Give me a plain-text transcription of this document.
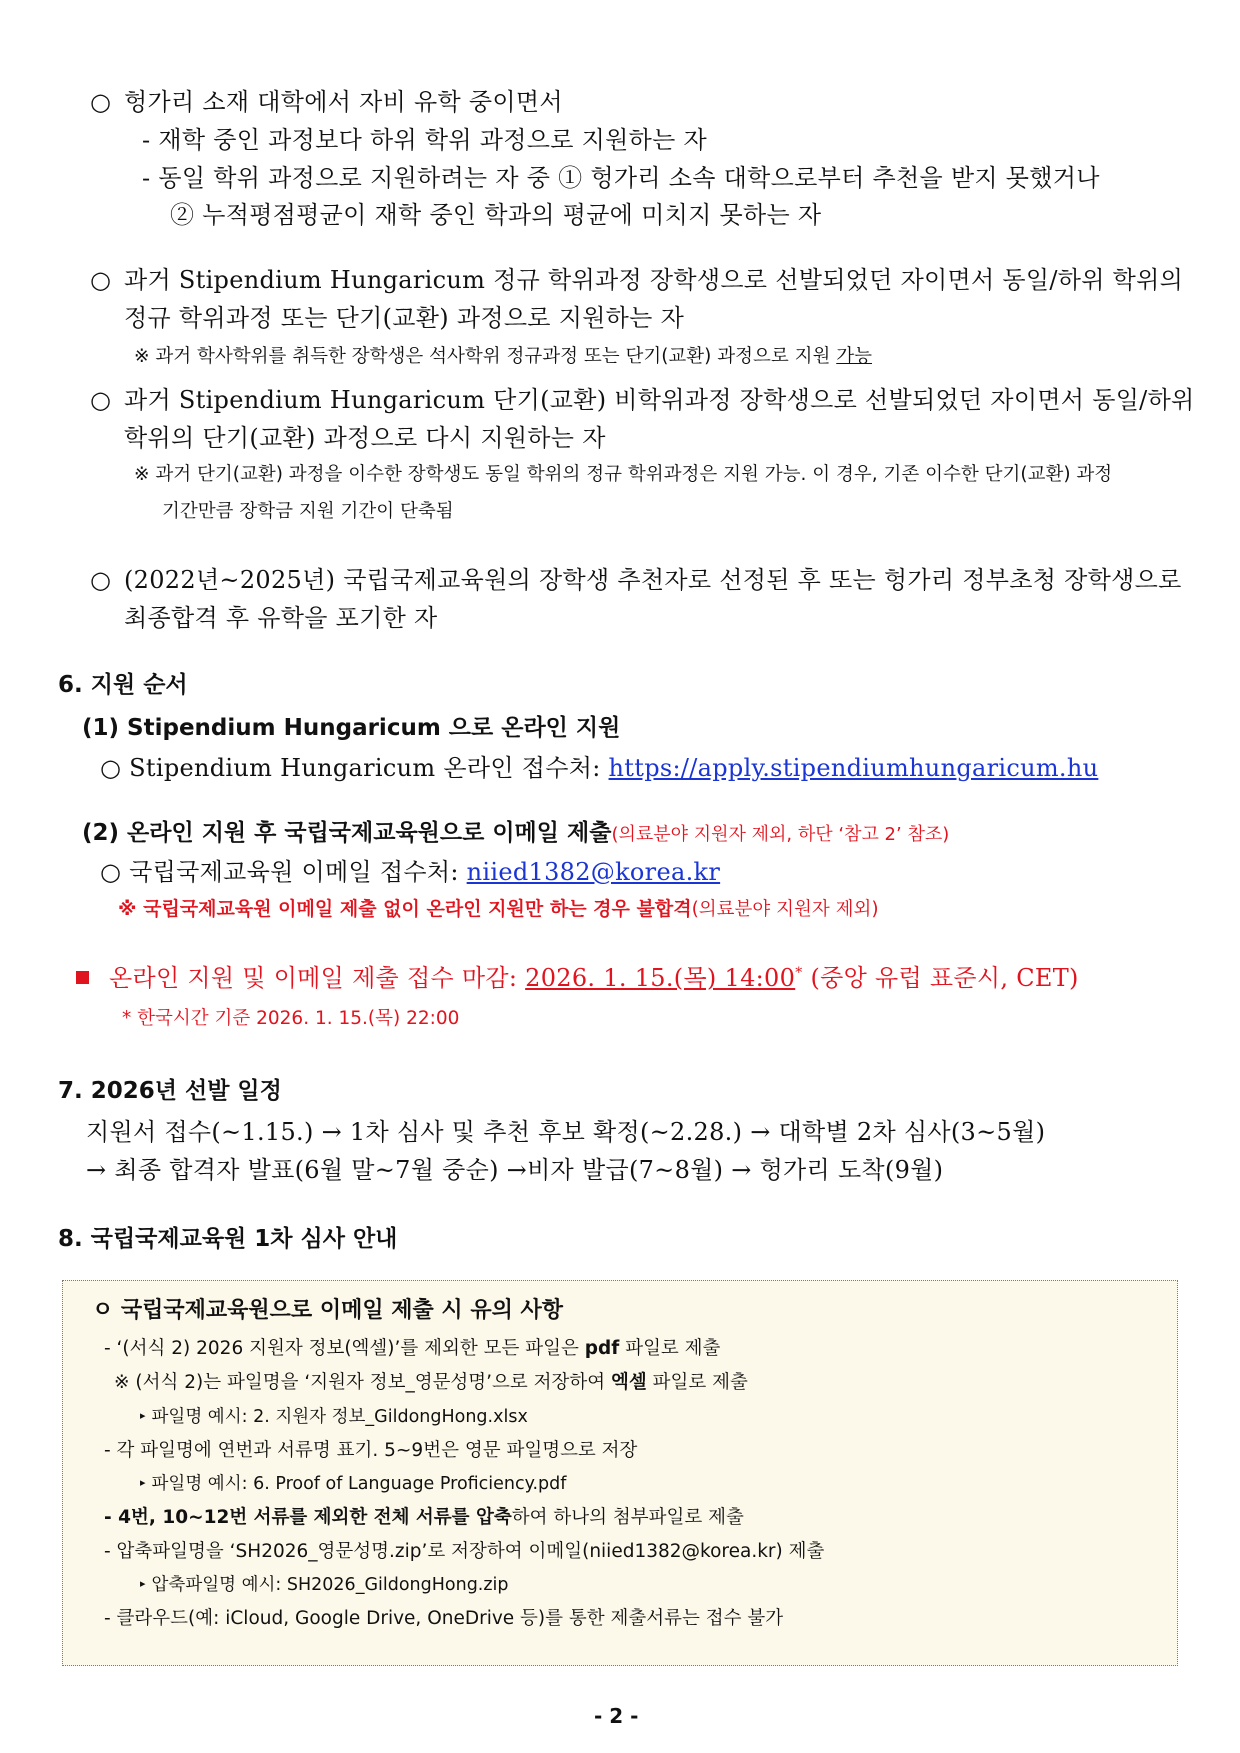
○ 헝가리 소재 대학에서 자비 유학 중이면서
- 재학 중인 과정보다 하위 학위 과정으로 지원하는 자
- 동일 학위 과정으로 지원하려는 자 중 ① 헝가리 소속 대학으로부터 추천을 받지 못했거나
② 누적평점평균이 재학 중인 학과의 평균에 미치지 못하는 자
○ 과거 Stipendium Hungaricum 정규 학위과정 장학생으로 선발되었던 자이면서 동일/하위 학위의
정규 학위과정 또는 단기(교환) 과정으로 지원하는 자
※ 과거 학사학위를 취득한 장학생은 석사학위 정규과정 또는 단기(교환) 과정으로 지원 가능
○ 과거 Stipendium Hungaricum 단기(교환) 비학위과정 장학생으로 선발되었던 자이면서 동일/하위
학위의 단기(교환) 과정으로 다시 지원하는 자
※ 과거 단기(교환) 과정을 이수한 장학생도 동일 학위의 정규 학위과정은 지원 가능. 이 경우, 기존 이수한 단기(교환) 과정
기간만큼 장학금 지원 기간이 단축됨
○ (2022년~2025년) 국립국제교육원의 장학생 추천자로 선정된 후 또는 헝가리 정부초청 장학생으로
최종합격 후 유학을 포기한 자
6. 지원 순서
(1) Stipendium Hungaricum 으로 온라인 지원
○ Stipendium Hungaricum 온라인 접수처: https://apply.stipendiumhungaricum.hu
(2) 온라인 지원 후 국립국제교육원으로 이메일 제출(의료분야 지원자 제외, 하단 ‘참고 2’ 참조)
○ 국립국제교육원 이메일 접수처: niied1382@korea.kr
※ 국립국제교육원 이메일 제출 없이 온라인 지원만 하는 경우 불합격(의료분야 지원자 제외)
온라인 지원 및 이메일 제출 접수 마감: 2026. 1. 15.(목) 14:00* (중앙 유럽 표준시, CET)
* 한국시간 기준 2026. 1. 15.(목) 22:00
7. 2026년 선발 일정
지원서 접수(~1.15.) → 1차 심사 및 추천 후보 확정(~2.28.) → 대학별 2차 심사(3~5월)
→ 최종 합격자 발표(6월 말~7월 중순) →비자 발급(7~8월) → 헝가리 도착(9월)
8. 국립국제교육원 1차 심사 안내
ㅇ 국립국제교육원으로 이메일 제출 시 유의 사항
- ‘(서식 2) 2026 지원자 정보(엑셀)’를 제외한 모든 파일은 pdf 파일로 제출
※ (서식 2)는 파일명을 ‘지원자 정보_영문성명’으로 저장하여 엑셀 파일로 제출
▸ 파일명 예시: 2. 지원자 정보_GildongHong.xlsx
- 각 파일명에 연번과 서류명 표기. 5~9번은 영문 파일명으로 저장
▸ 파일명 예시: 6. Proof of Language Proficiency.pdf
- 4번, 10~12번 서류를 제외한 전체 서류를 압축하여 하나의 첨부파일로 제출
- 압축파일명을 ‘SH2026_영문성명.zip’로 저장하여 이메일(niied1382@korea.kr) 제출
▸ 압축파일명 예시: SH2026_GildongHong.zip
- 클라우드(예: iCloud, Google Drive, OneDrive 등)를 통한 제출서류는 접수 불가
- 2 -
